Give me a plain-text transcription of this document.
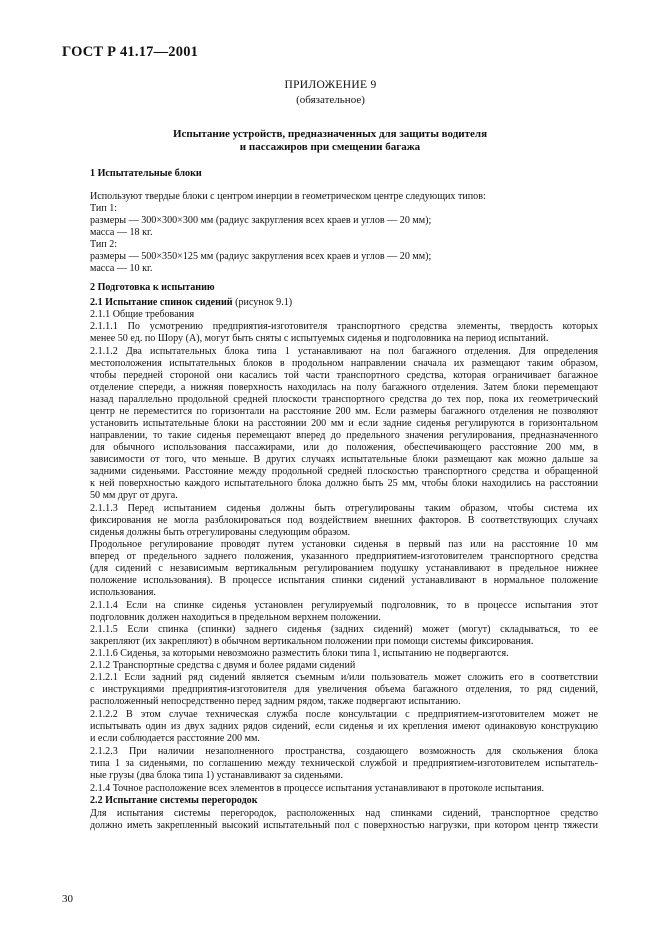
ГОСТ Р 41.17—2001
ПРИЛОЖЕНИЕ 9
(обязательное)
Испытание устройств, предназначенных для защиты водителя
и пассажиров при смещении багажа
1 Испытательные блоки
Используют твердые блоки с центром инерции в геометрическом центре следующих типов:
Тип 1:
размеры — 300×300×300 мм (радиус закругления всех краев и углов — 20 мм);
масса — 18 кг.
Тип 2:
размеры — 500×350×125 мм (радиус закругления всех краев и углов — 20 мм);
масса — 10 кг.
2 Подготовка к испытанию
2.1 Испытание спинок сидений (рисунок 9.1)
2.1.1 Общие требования
2.1.1.1 По усмотрению предприятия-изготовителя транспортного средства элементы, твердость которых
менее 50 ед. по Шору (А), могут быть сняты с испытуемых сиденья и подголовника на период испытаний.
2.1.1.2 Два испытательных блока типа 1 устанавливают на пол багажного отделения. Для определения
местоположения испытательных блоков в продольном направлении сначала их размещают таким образом,
чтобы передней стороной они касались той части транспортного средства, которая ограничивает багажное
отделение спереди, а нижняя поверхность находилась на полу багажного отделения. Затем блоки перемещают
назад параллельно продольной средней плоскости транспортного средства до тех пор, пока их геометрический
центр не переместится по горизонтали на расстояние 200 мм. Если размеры багажного отделения не позволяют
установить испытательные блоки на расстоянии 200 мм и если задние сиденья регулируются в горизонтальном
направлении, то такие сиденья перемещают вперед до предельного значения регулирования, предназначенного
для обычного использования пассажирами, или до положения, обеспечивающего расстояние 200 мм, в
зависимости от того, что меньше. В других случаях испытательные блоки размещают как можно дальше за
задними сиденьями. Расстояние между продольной средней плоскостью транспортного средства и обращенной
к ней поверхностью каждого испытательного блока должно быть 25 мм, чтобы блоки находились на расстоянии
50 мм друг от друга.
2.1.1.3 Перед испытанием сиденья должны быть отрегулированы таким образом, чтобы система их
фиксирования не могла разблокироваться под воздействием внешних факторов. В соответствующих случаях
сиденья должны быть отрегулированы следующим образом.
Продольное регулирование проводят путем установки сиденья в первый паз или на расстояние 10 мм
вперед от предельного заднего положения, указанного предприятием-изготовителем транспортного средства
(для сидений с независимым вертикальным регулированием подушку устанавливают в предельное нижнее
положение использования). В процессе испытания спинки сидений устанавливают в нормальное положение
использования.
2.1.1.4 Если на спинке сиденья установлен регулируемый подголовник, то в процессе испытания этот
подголовник должен находиться в предельном верхнем положении.
2.1.1.5 Если спинка (спинки) заднего сиденья (задних сидений) может (могут) складываться, то ее
закрепляют (их закрепляют) в обычном вертикальном положении при помощи системы фиксирования.
2.1.1.6 Сиденья, за которыми невозможно разместить блоки типа 1, испытанию не подвергаются.
2.1.2 Транспортные средства с двумя и более рядами сидений
2.1.2.1 Если задний ряд сидений является съемным и/или пользователь может сложить его в соответствии
с инструкциями предприятия-изготовителя для увеличения объема багажного отделения, то ряд сидений,
расположенный непосредственно перед задним рядом, также подвергают испытанию.
2.1.2.2 В этом случае техническая служба после консультации с предприятием-изготовителем может не
испытывать один из двух задних рядов сидений, если сиденья и их крепления имеют одинаковую конструкцию
и если соблюдается расстояние 200 мм.
2.1.2.3 При наличии незаполненного пространства, создающего возможность для скольжения блока
типа 1 за сиденьями, по соглашению между технической службой и предприятием-изготовителем испытатель-
ные грузы (два блока типа 1) устанавливают за сиденьями.
2.1.4 Точное расположение всех элементов в процессе испытания устанавливают в протоколе испытания.
2.2 Испытание системы перегородок
Для испытания системы перегородок, расположенных над спинками сидений, транспортное средство
должно иметь закрепленный высокий испытательный пол с поверхностью нагрузки, при котором центр тяжести
30
